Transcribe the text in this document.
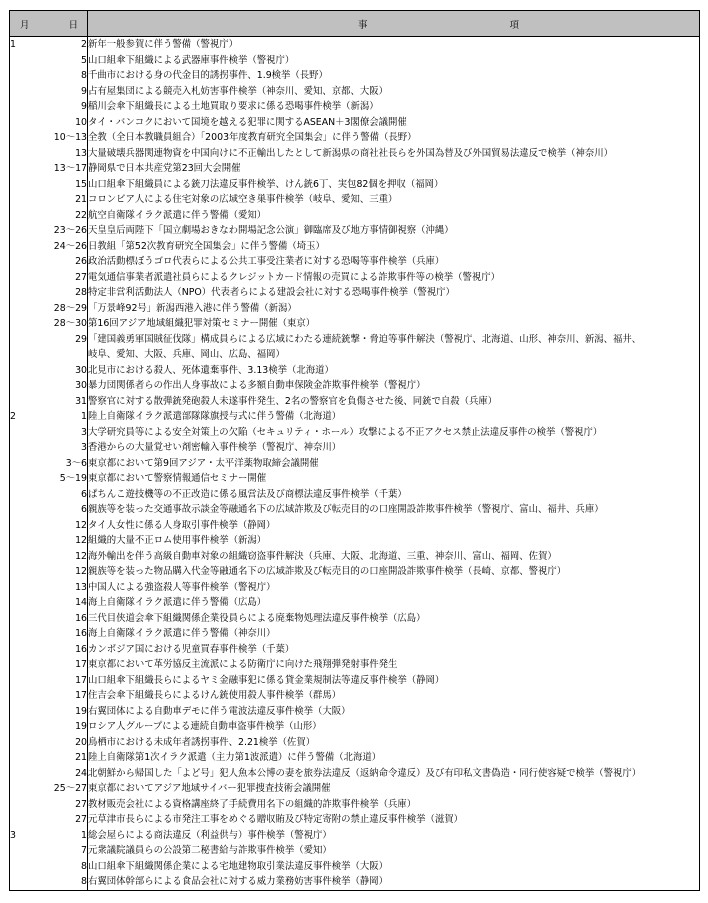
月 日		事 項

1	2	新年一般参賀に伴う警備（警視庁）
	5	山口組傘下組織による武器庫事件検挙（警視庁）
	8	千曲市における身の代金目的誘拐事件、1.9検挙（長野）
	9	占有屋集団による競売入札妨害事件検挙（神奈川、愛知、京都、大阪）
	9	稲川会傘下組織長による土地買取り要求に係る恐喝事件検挙（新潟）
	10	タイ・バンコクにおいて国境を越える犯罪に関するASEAN＋3閣僚会議開催
	10～13	全教（全日本教職員組合）「2003年度教育研究全国集会」に伴う警備（長野）
	13	大量破壊兵器関連物資を中国向けに不正輸出したとして新潟県の商社社長らを外国為替及び外国貿易法違反で検挙（神奈川）
	13～17	静岡県で日本共産党第23回大会開催
	15	山口組傘下組織員による銃刀法違反事件検挙、けん銃6丁、実包82個を押収（福岡）
	21	コロンビア人による住宅対象の広域空き巣事件検挙（岐阜、愛知、三重）
	22	航空自衛隊イラク派遣に伴う警備（愛知）
	23～26	天皇皇后両陛下「国立劇場おきなわ開場記念公演」御臨席及び地方事情御視察（沖縄）
	24～26	日教組「第52次教育研究全国集会」に伴う警備（埼玉）
	26	政治活動標ぼうゴロ代表らによる公共工事受注業者に対する恐喝等事件検挙（兵庫）
	27	電気通信事業者派遣社員らによるクレジットカード情報の売買による詐欺事件等の検挙（警視庁）
	28	特定非営利活動法人（NPO）代表者らによる建設会社に対する恐喝事件検挙（警視庁）
	28～29	「万景峰92号」新潟西港入港に伴う警備（新潟）
	28～30	第16回アジア地域組織犯罪対策セミナー開催（東京）
	29	「建国義勇軍国賊征伐隊」構成員らによる広域にわたる連続銃撃・脅迫等事件解決（警視庁、北海道、山形、神奈川、新潟、福井、
		岐阜、愛知、大阪、兵庫、岡山、広島、福岡）
	30	北見市における殺人、死体遺棄事件、3.13検挙（北海道）
	30	暴力団関係者らの作出人身事故による多額自動車保険金詐欺事件検挙（警視庁）
	31	警察官に対する散弾銃発砲殺人未遂事件発生、2名の警察官を負傷させた後、同銃で自殺（兵庫）
2	1	陸上自衛隊イラク派遣部隊隊旗授与式に伴う警備（北海道）
	3	大学研究員等による安全対策上の欠陥（セキュリティ・ホール）攻撃による不正アクセス禁止法違反事件の検挙（警視庁）
	3	香港からの大量覚せい剤密輸入事件検挙（警視庁、神奈川）
	3～6	東京都において第9回アジア・太平洋薬物取締会議開催
	5～19	東京都において警察情報通信セミナー開催
	6	ぱちんこ遊技機等の不正改造に係る風営法及び商標法違反事件検挙（千葉）
	6	親族等を装った交通事故示談金等融通名下の広域詐欺及び転売目的の口座開設詐欺事件検挙（警視庁、富山、福井、兵庫）
	12	タイ人女性に係る人身取引事件検挙（静岡）
	12	組織的大量不正ロム使用事件検挙（新潟）
	12	海外輸出を伴う高級自動車対象の組織窃盗事件解決（兵庫、大阪、北海道、三重、神奈川、富山、福岡、佐賀）
	12	親族等を装った物品購入代金等融通名下の広域詐欺及び転売目的の口座開設詐欺事件検挙（長崎、京都、警視庁）
	13	中国人による強盗殺人等事件検挙（警視庁）
	14	海上自衛隊イラク派遣に伴う警備（広島）
	16	三代目侠道会傘下組織関係企業役員らによる廃棄物処理法違反事件検挙（広島）
	16	海上自衛隊イラク派遣に伴う警備（神奈川）
	16	カンボジア国における児童買春事件検挙（千葉）
	17	東京都において革労協反主流派による防衛庁に向けた飛翔弾発射事件発生
	17	山口組傘下組織長らによるヤミ金融事犯に係る貸金業規制法等違反事件検挙（静岡）
	17	住吉会傘下組織長らによるけん銃使用殺人事件検挙（群馬）
	19	右翼団体による自動車デモに伴う電波法違反事件検挙（大阪）
	19	ロシア人グループによる連続自動車盗事件検挙（山形）
	20	鳥栖市における未成年者誘拐事件、2.21検挙（佐賀）
	21	陸上自衛隊第1次イラク派遣（主力第1波派遣）に伴う警備（北海道）
	24	北朝鮮から帰国した「よど号」犯人魚本公博の妻を旅券法違反（返納命令違反）及び有印私文書偽造・同行使容疑で検挙（警視庁）
	25～27	東京都においてアジア地域サイバー犯罪捜査技術会議開催
	27	教材販売会社による資格講座終了手続費用名下の組織的詐欺事件検挙（兵庫）
	27	元草津市長らによる市発注工事をめぐる贈収賄及び特定寄附の禁止違反事件検挙（滋賀）
3	1	総会屋らによる商法違反（利益供与）事件検挙（警視庁）
	7	元衆議院議員らの公設第二秘書給与詐欺事件検挙（愛知）
	8	山口組傘下組織関係企業による宅地建物取引業法違反事件検挙（大阪）
	8	右翼団体幹部らによる食品会社に対する威力業務妨害事件検挙（静岡）
